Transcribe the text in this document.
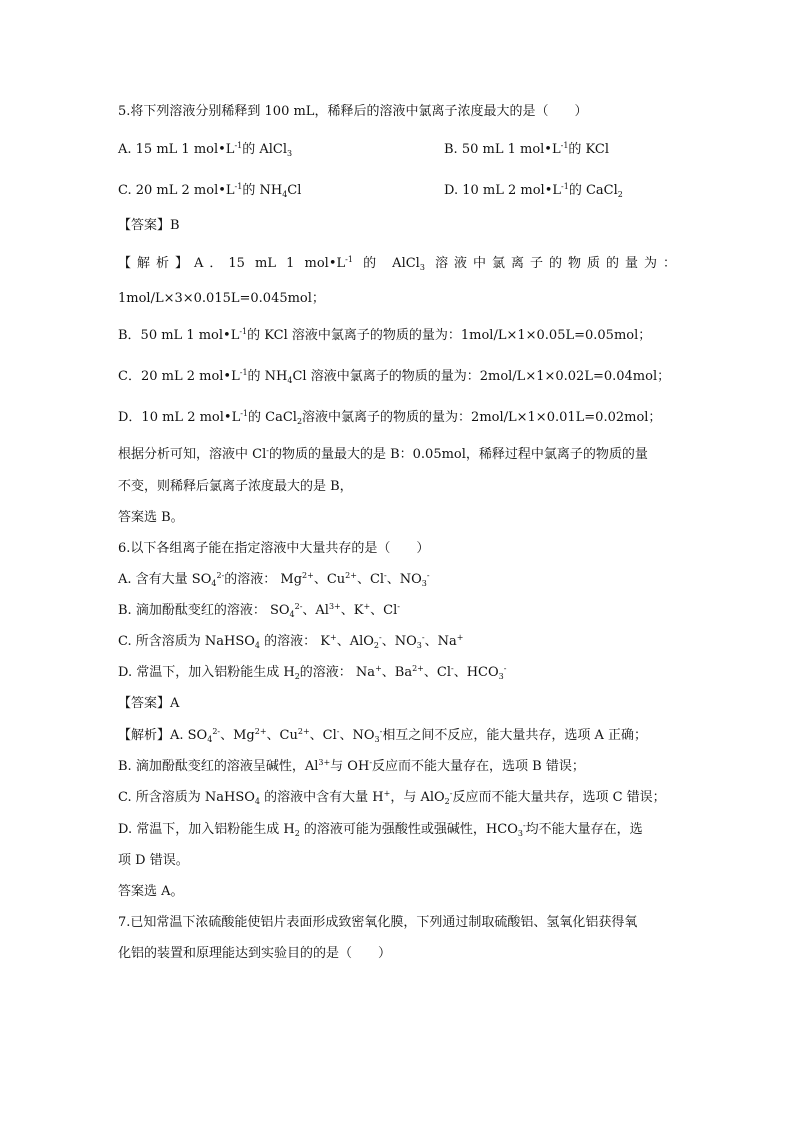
5.将下列溶液分别稀释到 100 mL，稀释后的溶液中氯离子浓度最大的是（　　）
A. 15 mL 1 $mol•L^{-1}$的 AlCl$_3$	B. 50 mL 1 $mol•L^{-1}$的 KCl
C. 20 mL 2 $mol•L^{-1}$的 $NH_4Cl$	D. 10 mL 2 $mol•L^{-1}$的 CaCl$_2$
【答案】B
【解析】A．15 mL 1 $mol•L^{-1}$ 的 AlCl$_3$ 溶液中氯离子的物质的量为：
1mol/L×3×0.015L=0.045mol；
B．50 mL 1 $mol•L^{-1}$的 KCl 溶液中氯离子的物质的量为：1mol/L×1×0.05L=0.05mol；
C．20 mL 2 $mol•L^{-1}$的 $NH_4Cl$ 溶液中氯离子的物质的量为：2mol/L×1×0.02L=0.04mol；
D．10 mL 2 $mol•L^{-1}$的 CaCl$_2$溶液中氯离子的物质的量为：2mol/L×1×0.01L=0.02mol；
根据分析可知，溶液中 Cl-的物质的量最大的是 B：0.05mol，稀释过程中氯离子的物质的量
不变，则稀释后氯离子浓度最大的是 B，
答案选 B。
6.以下各组离子能在指定溶液中大量共存的是（　　）
A. 含有大量 $SO_4^{2-}$的溶液： $Mg^{2+}$、$Cu^{2+}$、Cl-、$NO_3^-$
B. 滴加酚酞变红的溶液： $SO_4^{2-}$、$Al^{3+}$、K+、Cl-
C. 所含溶质为 NaHSO$_4$ 的溶液： K+、AlO$_2$-、$NO_3^-$、Na+
D. 常温下，加入铝粉能生成 $H_2$的溶液： Na+、$Ba^{2+}$、Cl-、$HCO_3^-$
【答案】A
【解析】A. $SO_4^{2-}$、$Mg^{2+}$、$Cu^{2+}$、Cl-、$NO_3^-$相互之间不反应，能大量共存，选项 A 正确；
B. 滴加酚酞变红的溶液呈碱性，$Al^{3+}$与 OH-反应而不能大量存在，选项 B 错误；
C. 所含溶质为 NaHSO$_4$ 的溶液中含有大量 H+，与 AlO$_2$-反应而不能大量共存，选项 C 错误；
D. 常温下，加入铝粉能生成 $H_2$ 的溶液可能为强酸性或强碱性，$HCO_3^-$均不能大量存在，选
项 D 错误。
答案选 A。
7.已知常温下浓硫酸能使铝片表面形成致密氧化膜，下列通过制取硫酸铝、氢氧化铝获得氧
化铝的装置和原理能达到实验目的的是（　　）
